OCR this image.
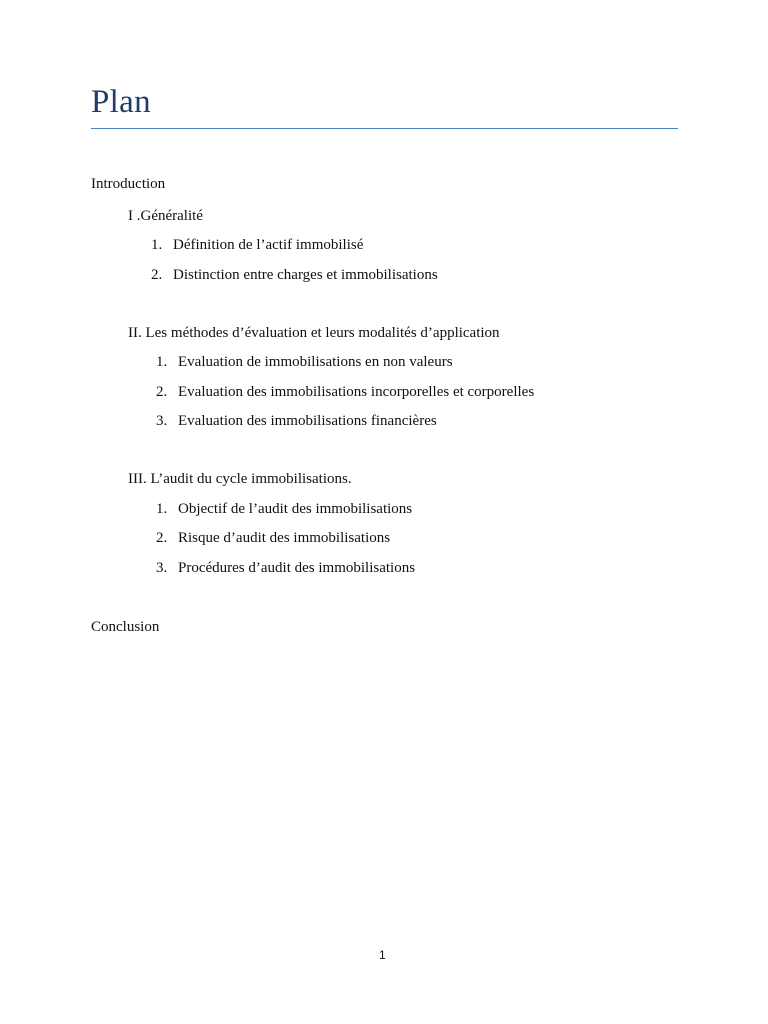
Plan
Introduction
I .Généralité
1. Définition de l’actif immobilisé
2. Distinction entre charges et immobilisations
II. Les méthodes d’évaluation et leurs modalités d’application
1. Evaluation de immobilisations en non valeurs
2. Evaluation des immobilisations incorporelles et corporelles
3. Evaluation des immobilisations financières
III. L’audit du cycle immobilisations.
1. Objectif de l’audit des immobilisations
2. Risque d’audit des immobilisations
3. Procédures d’audit des immobilisations
Conclusion
1
